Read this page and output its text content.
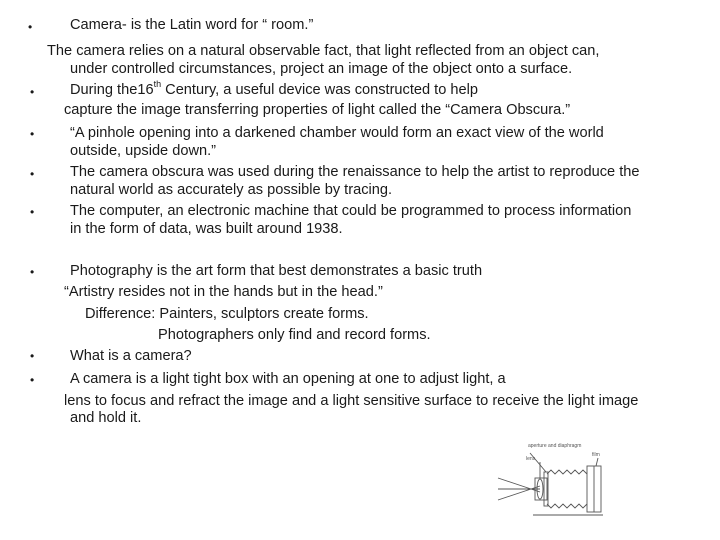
•
•
•
•
•
•
•
•
Camera- is the Latin word for “ room.”
The camera relies on a natural observable fact, that light reflected from an object can,
under controlled circumstances, project an image of the object onto a surface.
During the16th Century, a useful device was constructed to help
capture the image transferring properties of light called the “Camera Obscura.”
“A pinhole opening into a darkened chamber would form an exact view of the world
outside, upside down.”
The camera obscura was used during the renaissance to help the artist to reproduce the
natural world as accurately as possible by tracing.
The computer, an electronic machine that could be programmed to process information
in the form of data, was built around 1938.
Photography is the art form that best demonstrates a basic truth
“Artistry resides not in the hands but in the head.”
Difference: Painters, sculptors create forms.
Photographers only find and record forms.
What is a camera?
A camera is a light tight box with an opening at one to adjust light, a
lens to focus and refract the image and a light sensitive surface to receive the light image
and hold it.
aperture and diaphragm
lens
film
